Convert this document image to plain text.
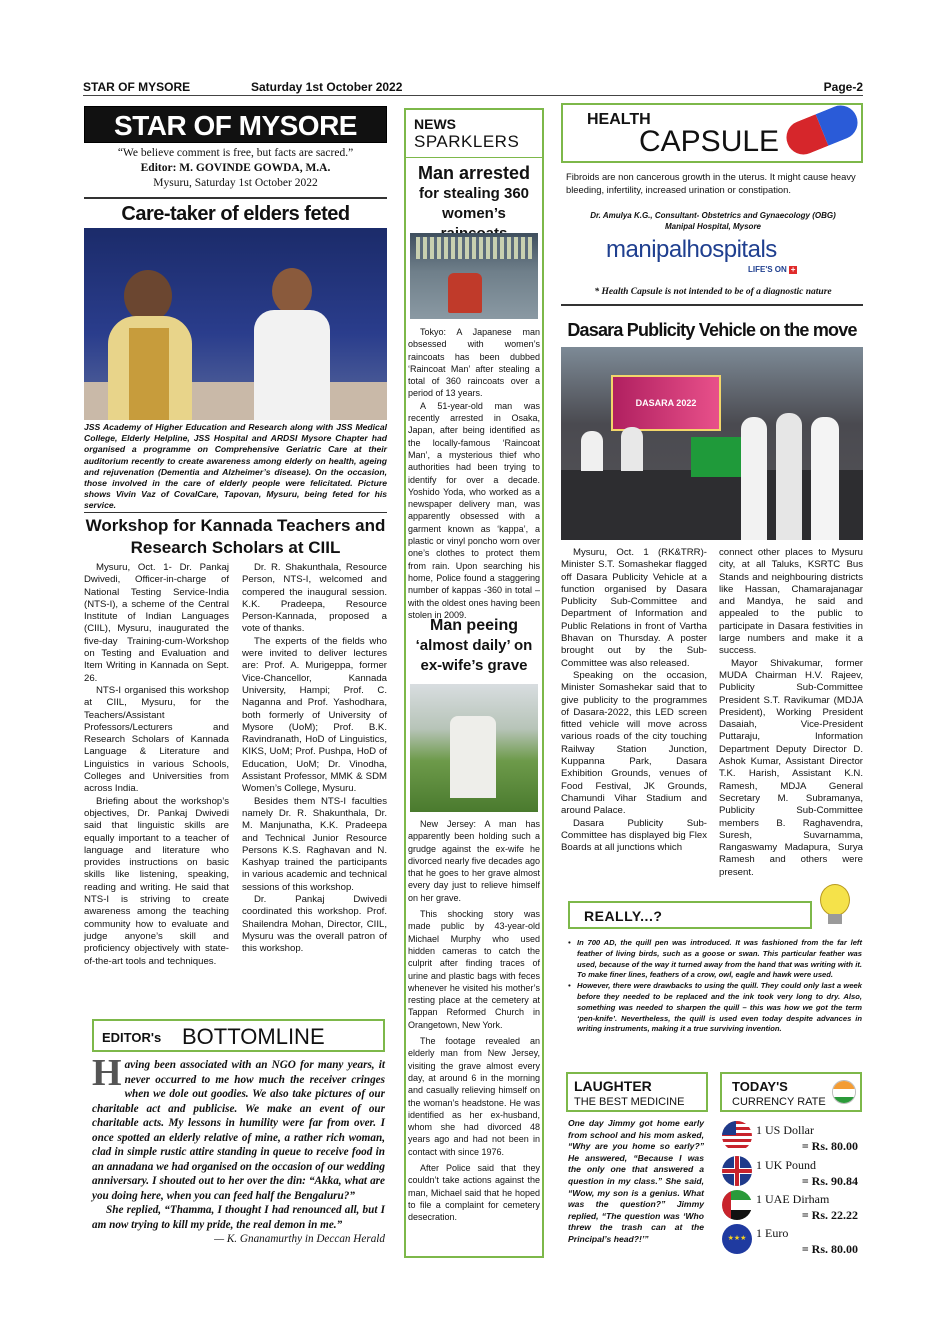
STAR OF MYSORE	Saturday 1st October 2022	Page-2
STAR OF MYSORE
“We believe comment is free, but facts are sacred.”
Editor: M. GOVINDE GOWDA, M.A.
Mysuru, Saturday 1st October 2022
Care-taker of elders feted
JSS Academy of Higher Education and Research along with JSS Medical College, Elderly Helpline, JSS Hospital and ARDSI Mysore Chapter had organised a programme on Comprehensive Geriatric Care at their auditorium recently to create awareness among elderly on health, ageing and rejuvenation (Dementia and Alzheimer’s disease). On the occasion, those involved in the care of elderly people were felicitated. Picture shows Vivin Vaz of CovalCare, Tapovan, Mysuru, being feted for his service.
Workshop for Kannada Teachers and Research Scholars at CIIL

Mysuru, Oct. 1- Dr. Pankaj Dwivedi, Officer-in-charge of National Testing Service-India (NTS-I), a scheme of the Central Institute of Indian Languages (CIIL), Mysuru, inaugurated the five-day Training-cum-Workshop on Testing and Evaluation and Item Writing in Kannada on Sept. 26.

NTS-I organised this workshop at CIIL, Mysuru, for the Teachers/Assistant Professors/Lecturers and Research Scholars of Kannada Language & Literature and Linguistics in various Schools, Colleges and Universities from across India.

Briefing about the workshop’s objectives, Dr. Pankaj Dwivedi said that linguistic skills are equally important to a teacher of language and literature who provides instructions on basic skills like listening, speaking, reading and writing. He said that NTS-I is striving to create awareness among the teaching community how to evaluate and judge anyone’s skill and proficiency objectively with state-of-the-art tools and techniques.

Dr. R. Shakunthala, Resource Person, NTS-I, welcomed and compered the inaugural session. K.K. Pradeepa, Resource Person-Kannada, proposed a vote of thanks.

The experts of the fields who were invited to deliver lectures are: Prof. A. Murigeppa, former Vice-Chancellor, Kannada University, Hampi; Prof. C. Naganna and Prof. Yashodhara, both formerly of University of Mysore (UoM); Prof. B.K. Ravindranath, HoD of Linguistics, KIKS, UoM; Prof. Pushpa, HoD of Education, UoM; Dr. Vinodha, Assistant Professor, MMK & SDM Women’s College, Mysuru.

Besides them NTS-I faculties namely Dr. R. Shakunthala, Dr. M. Manjunatha, K.K. Pradeepa and Technical Junior Resource Persons K.S. Raghavan and N. Kashyap trained the participants in various academic and technical sessions of this workshop.

Dr. Pankaj Dwivedi coordinated this workshop. Prof. Shailendra Mohan, Director, CIIL, Mysuru was the overall patron of this workshop.

EDITOR's BOTTOMLINE
H aving been associated with an NGO for many years, it never occurred to me how much the receiver cringes when we dole out goodies. We also take pictures of our charitable act and publicise. We make an event of our charitable acts. My lessons in humility were far from over. I once spotted an elderly relative of mine, a rather rich woman, clad in simple rustic attire standing in queue to receive food in an annadana we had organised on the occasion of our wedding anniversary. I shouted out to her over the din: “Akka, what are you doing here, when you can feed half the Bengaluru?”
She replied, “Thamma, I thought I had renounced all, but I am now trying to kill my pride, the real demon in me.”
— K. Gnanamurthy in Deccan Herald
NEWS
SPARKLERS
Man arrested
for stealing 360
women’s

Tokyo: A Japanese man obsessed with women’s raincoats has been dubbed ‘Raincoat Man’ after stealing a total of 360 raincoats over a period of 13 years.

A 51-year-old man was recently arrested in Osaka, Japan, after being identified as the locally-famous ‘Raincoat Man’, a mysterious thief who authorities had been trying to identify for over a decade. Yoshido Yoda, who worked as a newspaper delivery man, was apparently obsessed with a garment known as ‘kappa’, a plastic or vinyl poncho worn over one’s clothes to protect them from rain. Upon searching his home, Police found a staggering number of kappas -360 in total – with the oldest ones having been stolen in 2009.

Man peeing
‘almost daily’ on
ex-wife’s grave

New Jersey: A man has apparently been holding such a grudge against the ex-wife he divorced nearly five decades ago that he goes to her grave almost every day just to relieve himself on her grave.

This shocking story was made public by 43-year-old Michael Murphy who used hidden cameras to catch the culprit after finding traces of urine and plastic bags with feces whenever he visited his mother’s resting place at the cemetery at Tappan Reformed Church in Orangetown, New York.

The footage revealed an elderly man from New Jersey, visiting the grave almost every day, at around 6 in the morning and casually relieving himself on the woman’s headstone. He was identified as her ex-husband, whom she had divorced 48 years ago and had not been in contact with since 1976.

After Police said that they couldn’t take actions against the man, Michael said that he hoped to file a complaint for cemetery desecration.

HEALTH
CAPSULE
Fibroids are non cancerous growth in the uterus. It might cause heavy bleeding, infertility, increased urination or constipation.
Dr. Amulya K.G., Consultant- Obstetrics and Gynaecology (OBG)
Manipal Hospital, Mysore
manipalhospitals
LIFE'S ON +
* Health Capsule is not intended to be of a diagnostic nature
Dasara Publicity Vehicle on the move
DASARA 2022

Mysuru, Oct. 1 (RK&TRR)-Minister S.T. Somashekar flagged off Dasara Publicity Vehicle at a function organised by Dasara Publicity Sub-Committee and Department of Information and Public Relations in front of Vartha Bhavan on Thursday. A poster brought out by the Sub-Committee was also released.

Speaking on the occasion, Minister Somashekar said that to give publicity to the programmes of Dasara-2022, this LED screen fitted vehicle will move across various roads of the city touching Railway Station Junction, Kuppanna Park, Dasara Exhibition Grounds, venues of Food Festival, JK Grounds, Chamundi Vihar Stadium and around Palace.

Dasara Publicity Sub-Committee has displayed big Flex Boards at all junctions which

connect other places to Mysuru city, at all Taluks, KSRTC Bus Stands and neighbouring districts like Hassan, Chamarajanagar and Mandya, he said and appealed to the public to participate in Dasara festivities in large numbers and make it a success.

Mayor Shivakumar, former MUDA Chairman H.V. Rajeev, Publicity Sub-Committee President S.T. Ravikumar (MDJA President), Working President Dasaiah, Vice-President Puttaraju, Information Department Deputy Director D. Ashok Kumar, Assistant Director T.K. Harish, Assistant K.N. Ramesh, MDJA General Secretary M. Subramanya, Publicity Sub-Committee members B. Raghavendra, Suresh, Suvarnamma, Rangaswamy Madapura, Surya Ramesh and others were present.

REALLY...?
• In 700 AD, the quill pen was introduced. It was fashioned from the far left feather of living birds, such as a goose or swan. This particular feather was used, because of the way it turned away from the hand that was writing with it. To make finer lines, feathers of a crow, owl, eagle and hawk were used.
• However, there were drawbacks to using the quill. They could only last a week before they needed to be replaced and the ink took very long to dry. Also, something was needed to sharpen the quill – this was how we got the term ‘pen-knife’. Nevertheless, the quill is used even today despite advances in writing instruments, making it a true surviving invention.
LAUGHTER
THE BEST MEDICINE
One day Jimmy got home early from school and his mom asked, “Why are you home so early?” He answered, “Because I was the only one that answered a question in my class.” She said, “Wow, my son is a genius. What was the question?” Jimmy replied, “The question was ‘Who threw the trash can at the Principal’s head?!’”
TODAY'S
CURRENCY RATE
1 US Dollar
= Rs. 80.00
1 UK Pound
= Rs. 90.84
1 UAE Dirham
= Rs. 22.22
★★★ 1 Euro
= Rs. 80.00
